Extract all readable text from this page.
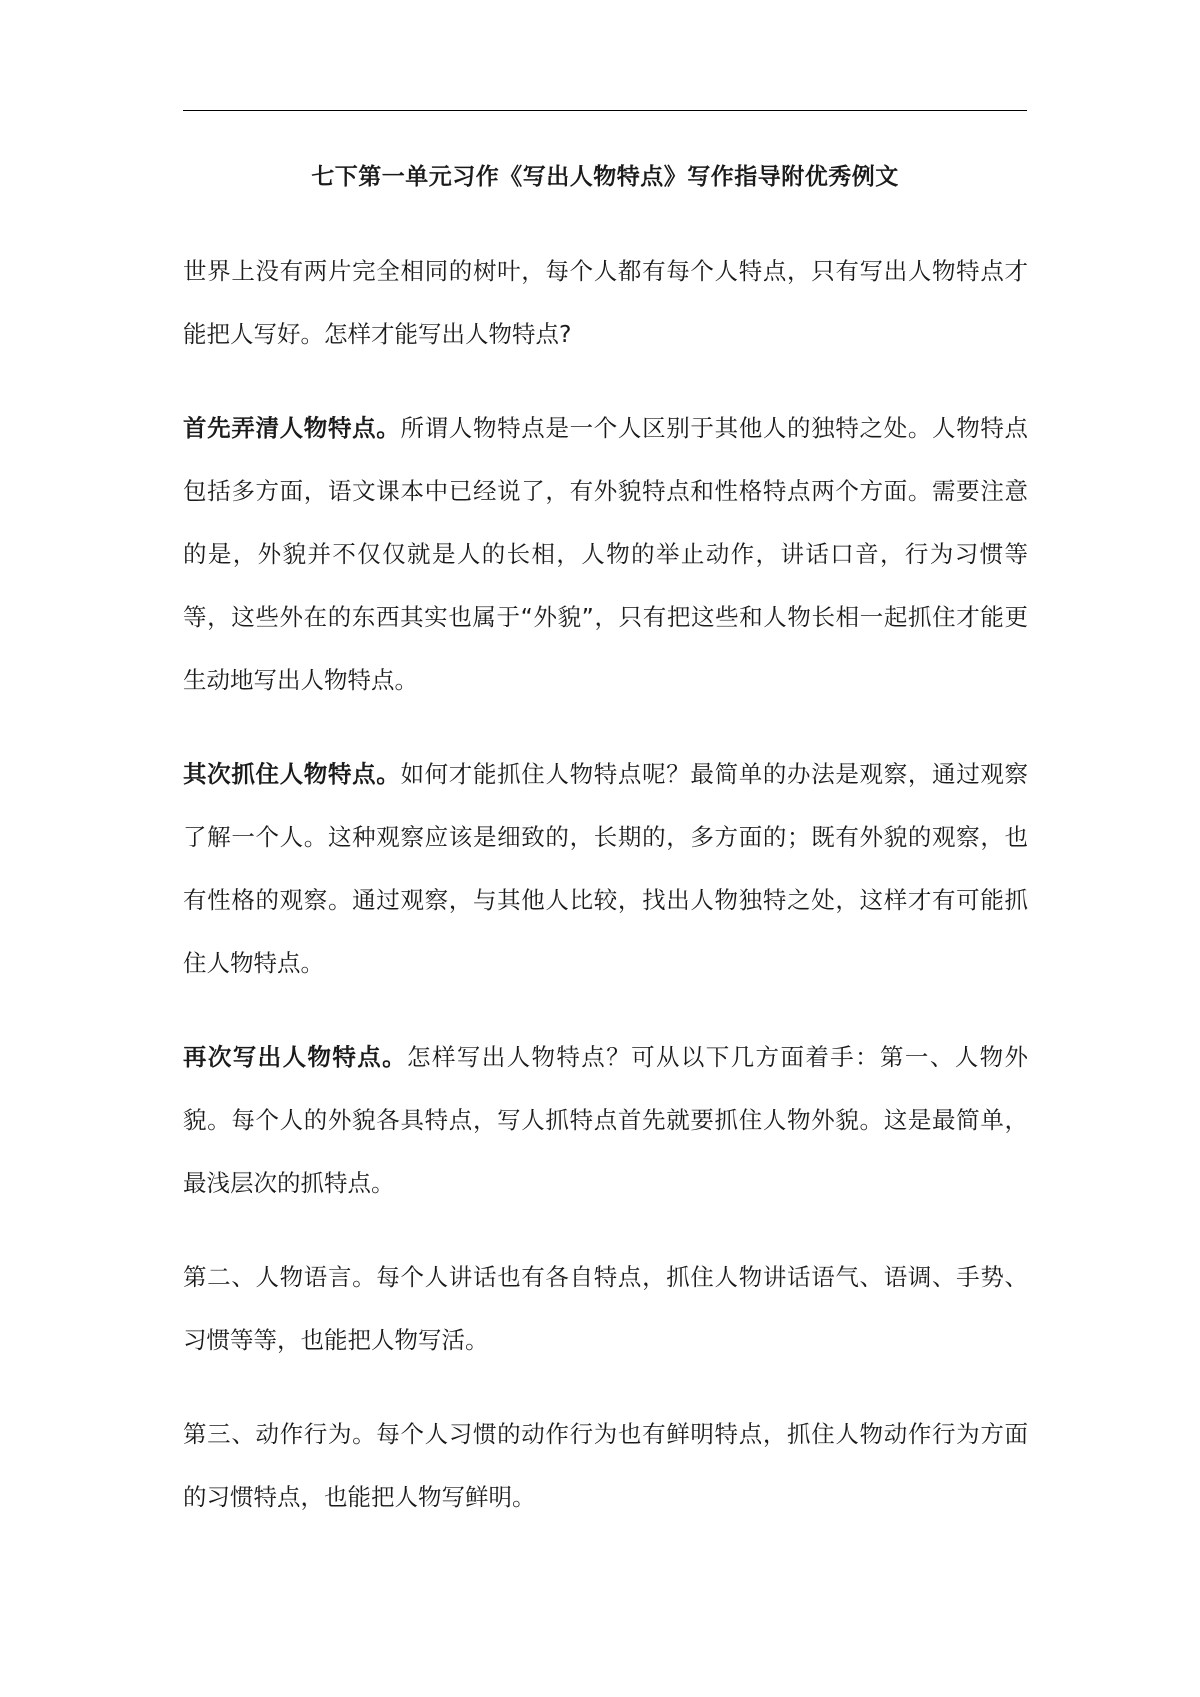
七下第一单元习作《写出人物特点》写作指导附优秀例文

世界上没有两片完全相同的树叶，每个人都有每个人特点，只有写出人物特点才能把人写好。怎样才能写出人物特点?

首先弄清人物特点。所谓人物特点是一个人区别于其他人的独特之处。人物特点包括多方面，语文课本中已经说了，有外貌特点和性格特点两个方面。需要注意的是，外貌并不仅仅就是人的长相，人物的举止动作，讲话口音，行为习惯等等，这些外在的东西其实也属于“外貌”，只有把这些和人物长相一起抓住才能更生动地写出人物特点。

其次抓住人物特点。如何才能抓住人物特点呢？最简单的办法是观察，通过观察了解一个人。这种观察应该是细致的，长期的，多方面的；既有外貌的观察，也有性格的观察。通过观察，与其他人比较，找出人物独特之处，这样才有可能抓住人物特点。

再次写出人物特点。怎样写出人物特点？可从以下几方面着手：第一、人物外貌。每个人的外貌各具特点，写人抓特点首先就要抓住人物外貌。这是最简单，最浅层次的抓特点。

第二、人物语言。每个人讲话也有各自特点，抓住人物讲话语气、语调、手势、习惯等等，也能把人物写活。

第三、动作行为。每个人习惯的动作行为也有鲜明特点，抓住人物动作行为方面的习惯特点，也能把人物写鲜明。
